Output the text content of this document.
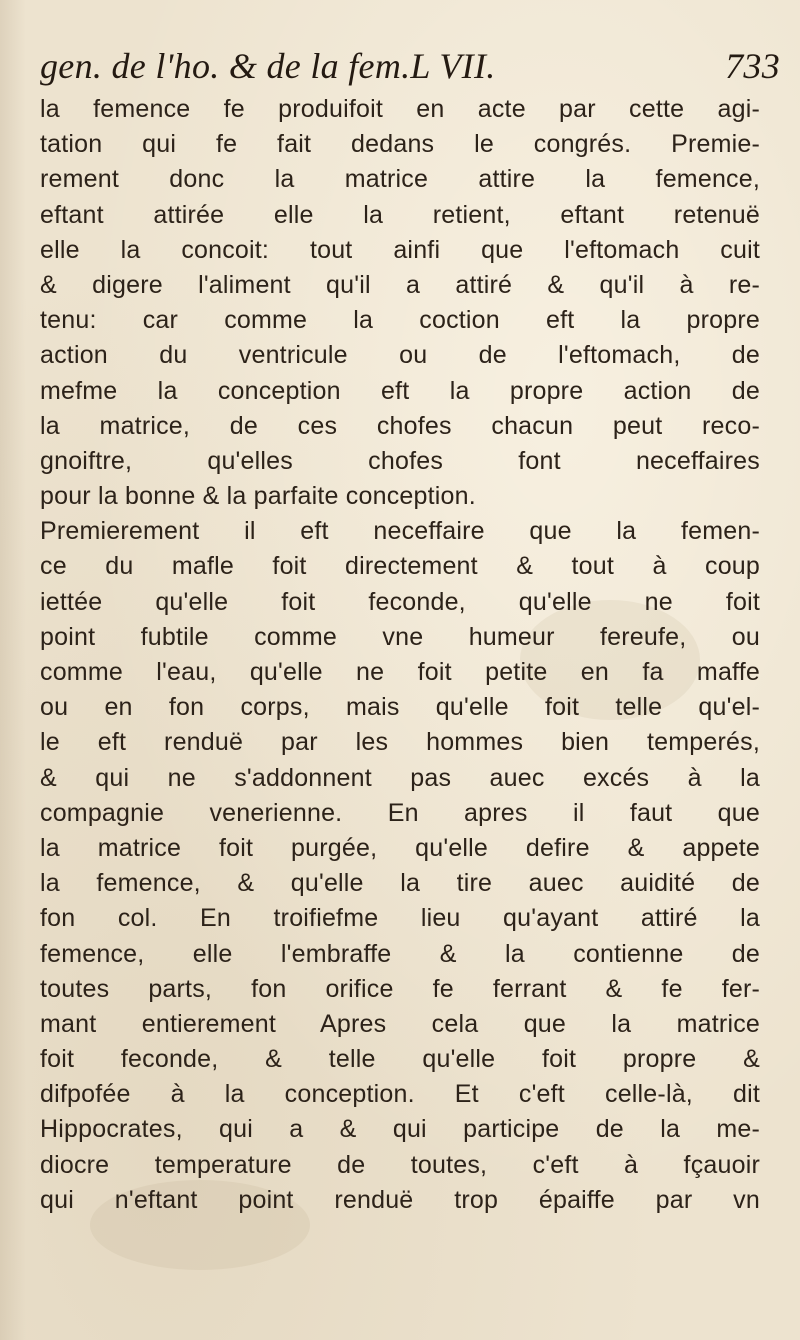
gen. de l'ho. & de la fem.L VII.	733
la femence fe produifoit en acte par cette agi-
tation qui fe fait dedans le congrés. Premie-
rement donc la matrice attire la femence,
eftant attirée elle la retient, eftant retenuë
elle la concoit: tout ainfi que l'eftomach cuit
& digere l'aliment qu'il a attiré & qu'il à re-
tenu: car comme la coction eft la propre
action du ventricule ou de l'eftomach, de
mefme la conception eft la propre action de
la matrice, de ces chofes chacun peut reco-
gnoiftre, qu'elles chofes font neceffaires
pour la bonne & la parfaite conception.
Premierement il eft neceffaire que la femen-
ce du mafle foit directement & tout à coup
iettée qu'elle foit feconde, qu'elle ne foit
point fubtile comme vne humeur fereufe, ou
comme l'eau, qu'elle ne foit petite en fa maffe
ou en fon corps, mais qu'elle foit telle qu'el-
le eft renduë par les hommes bien temperés,
& qui ne s'addonnent pas auec excés à la
compagnie venerienne. En apres il faut que
la matrice foit purgée, qu'elle defire & appete
la femence, & qu'elle la tire auec auidité de
fon col. En troifiefme lieu qu'ayant attiré la
femence, elle l'embraffe & la contienne de
toutes parts, fon orifice fe ferrant & fe fer-
mant entierement Apres cela que la matrice
foit feconde, & telle qu'elle foit propre &
difpofée à la conception. Et c'eft celle-là, dit
Hippocrates, qui a & qui participe de la me-
diocre temperature de toutes, c'eft à fçauoir
qui n'eftant point renduë trop épaiffe par vn
